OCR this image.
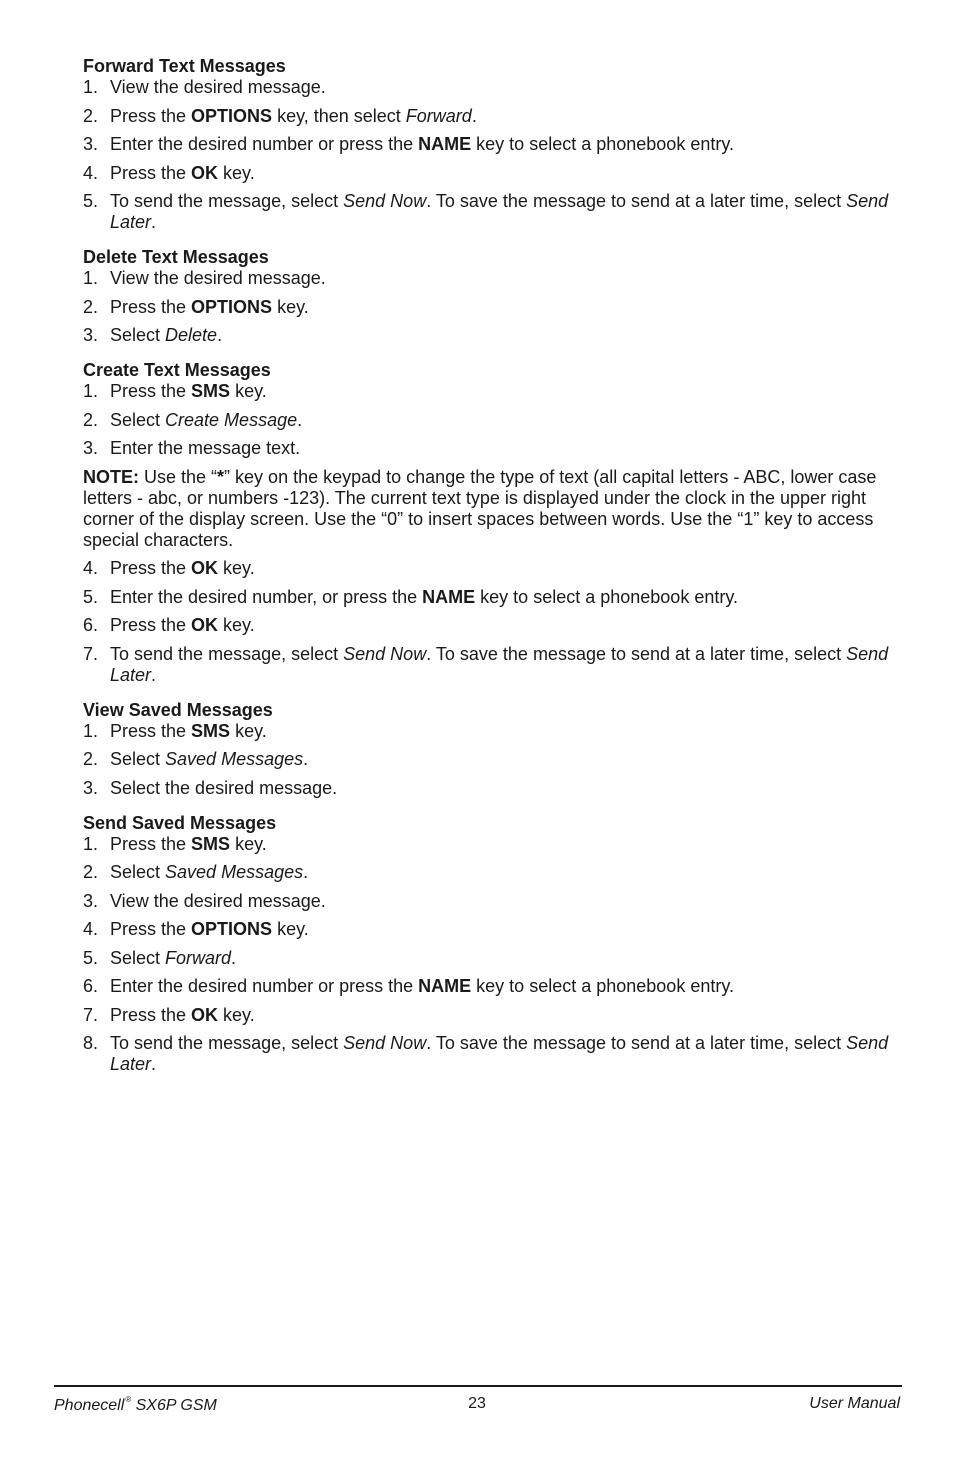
Forward Text Messages
1. View the desired message.
2. Press the OPTIONS key, then select Forward.
3. Enter the desired number or press the NAME key to select a phonebook entry.
4. Press the OK key.
5. To send the message, select Send Now. To save the message to send at a later time, select Send Later.
Delete Text Messages
1. View the desired message.
2. Press the OPTIONS key.
3. Select Delete.
Create Text Messages
1. Press the SMS key.
2. Select Create Message.
3. Enter the message text.
NOTE: Use the “*” key on the keypad to change the type of text (all capital letters - ABC, lower case letters - abc, or numbers -123). The current text type is displayed under the clock in the upper right corner of the display screen. Use the “0” to insert spaces between words. Use the “1” key to access special characters.
4. Press the OK key.
5. Enter the desired number, or press the NAME key to select a phonebook entry.
6. Press the OK key.
7. To send the message, select Send Now. To save the message to send at a later time, select Send Later.
View Saved Messages
1. Press the SMS key.
2. Select Saved Messages.
3. Select the desired message.
Send Saved Messages
1. Press the SMS key.
2. Select Saved Messages.
3. View the desired message.
4. Press the OPTIONS key.
5. Select Forward.
6. Enter the desired number or press the NAME key to select a phonebook entry.
7. Press the OK key.
8. To send the message, select Send Now. To save the message to send at a later time, select Send Later.
Phonecell® SX6P GSM	23	User Manual
